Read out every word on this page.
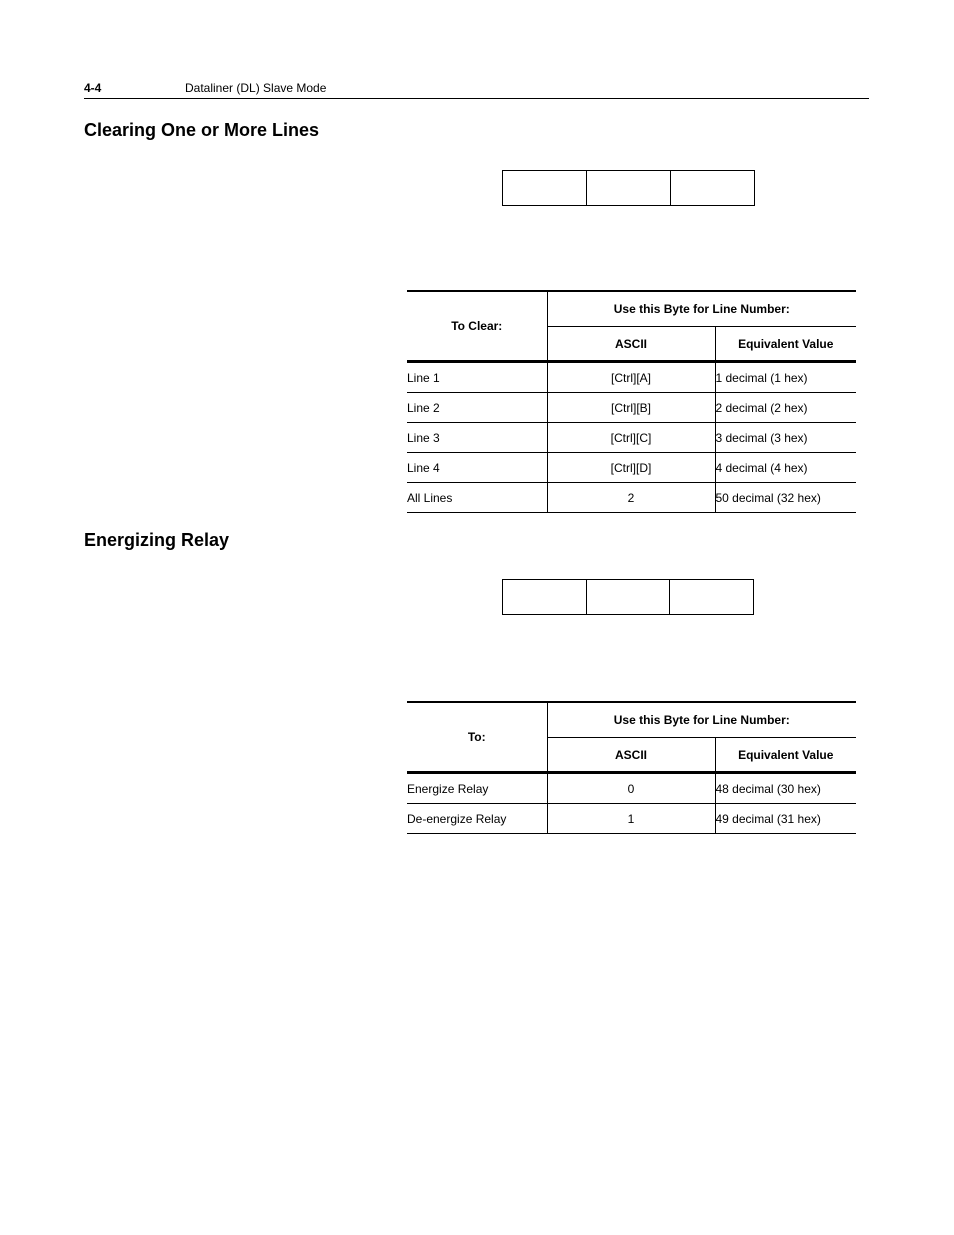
4-4	Dataliner (DL) Slave Mode
Clearing One or More Lines
To Clear:	Use this Byte for Line Number:	
	ASCII	Equivalent Value
Line 1	[Ctrl][A]	1 decimal (1 hex)
Line 2	[Ctrl][B]	2 decimal (2 hex)
Line 3	[Ctrl][C]	3 decimal (3 hex)
Line 4	[Ctrl][D]	4 decimal (4 hex)
All Lines	2	50 decimal (32 hex)
Energizing Relay
To:	Use this Byte for Line Number:	
	ASCII	Equivalent Value
Energize Relay	0	48 decimal (30 hex)
De-energize Relay	1	49 decimal (31 hex)
